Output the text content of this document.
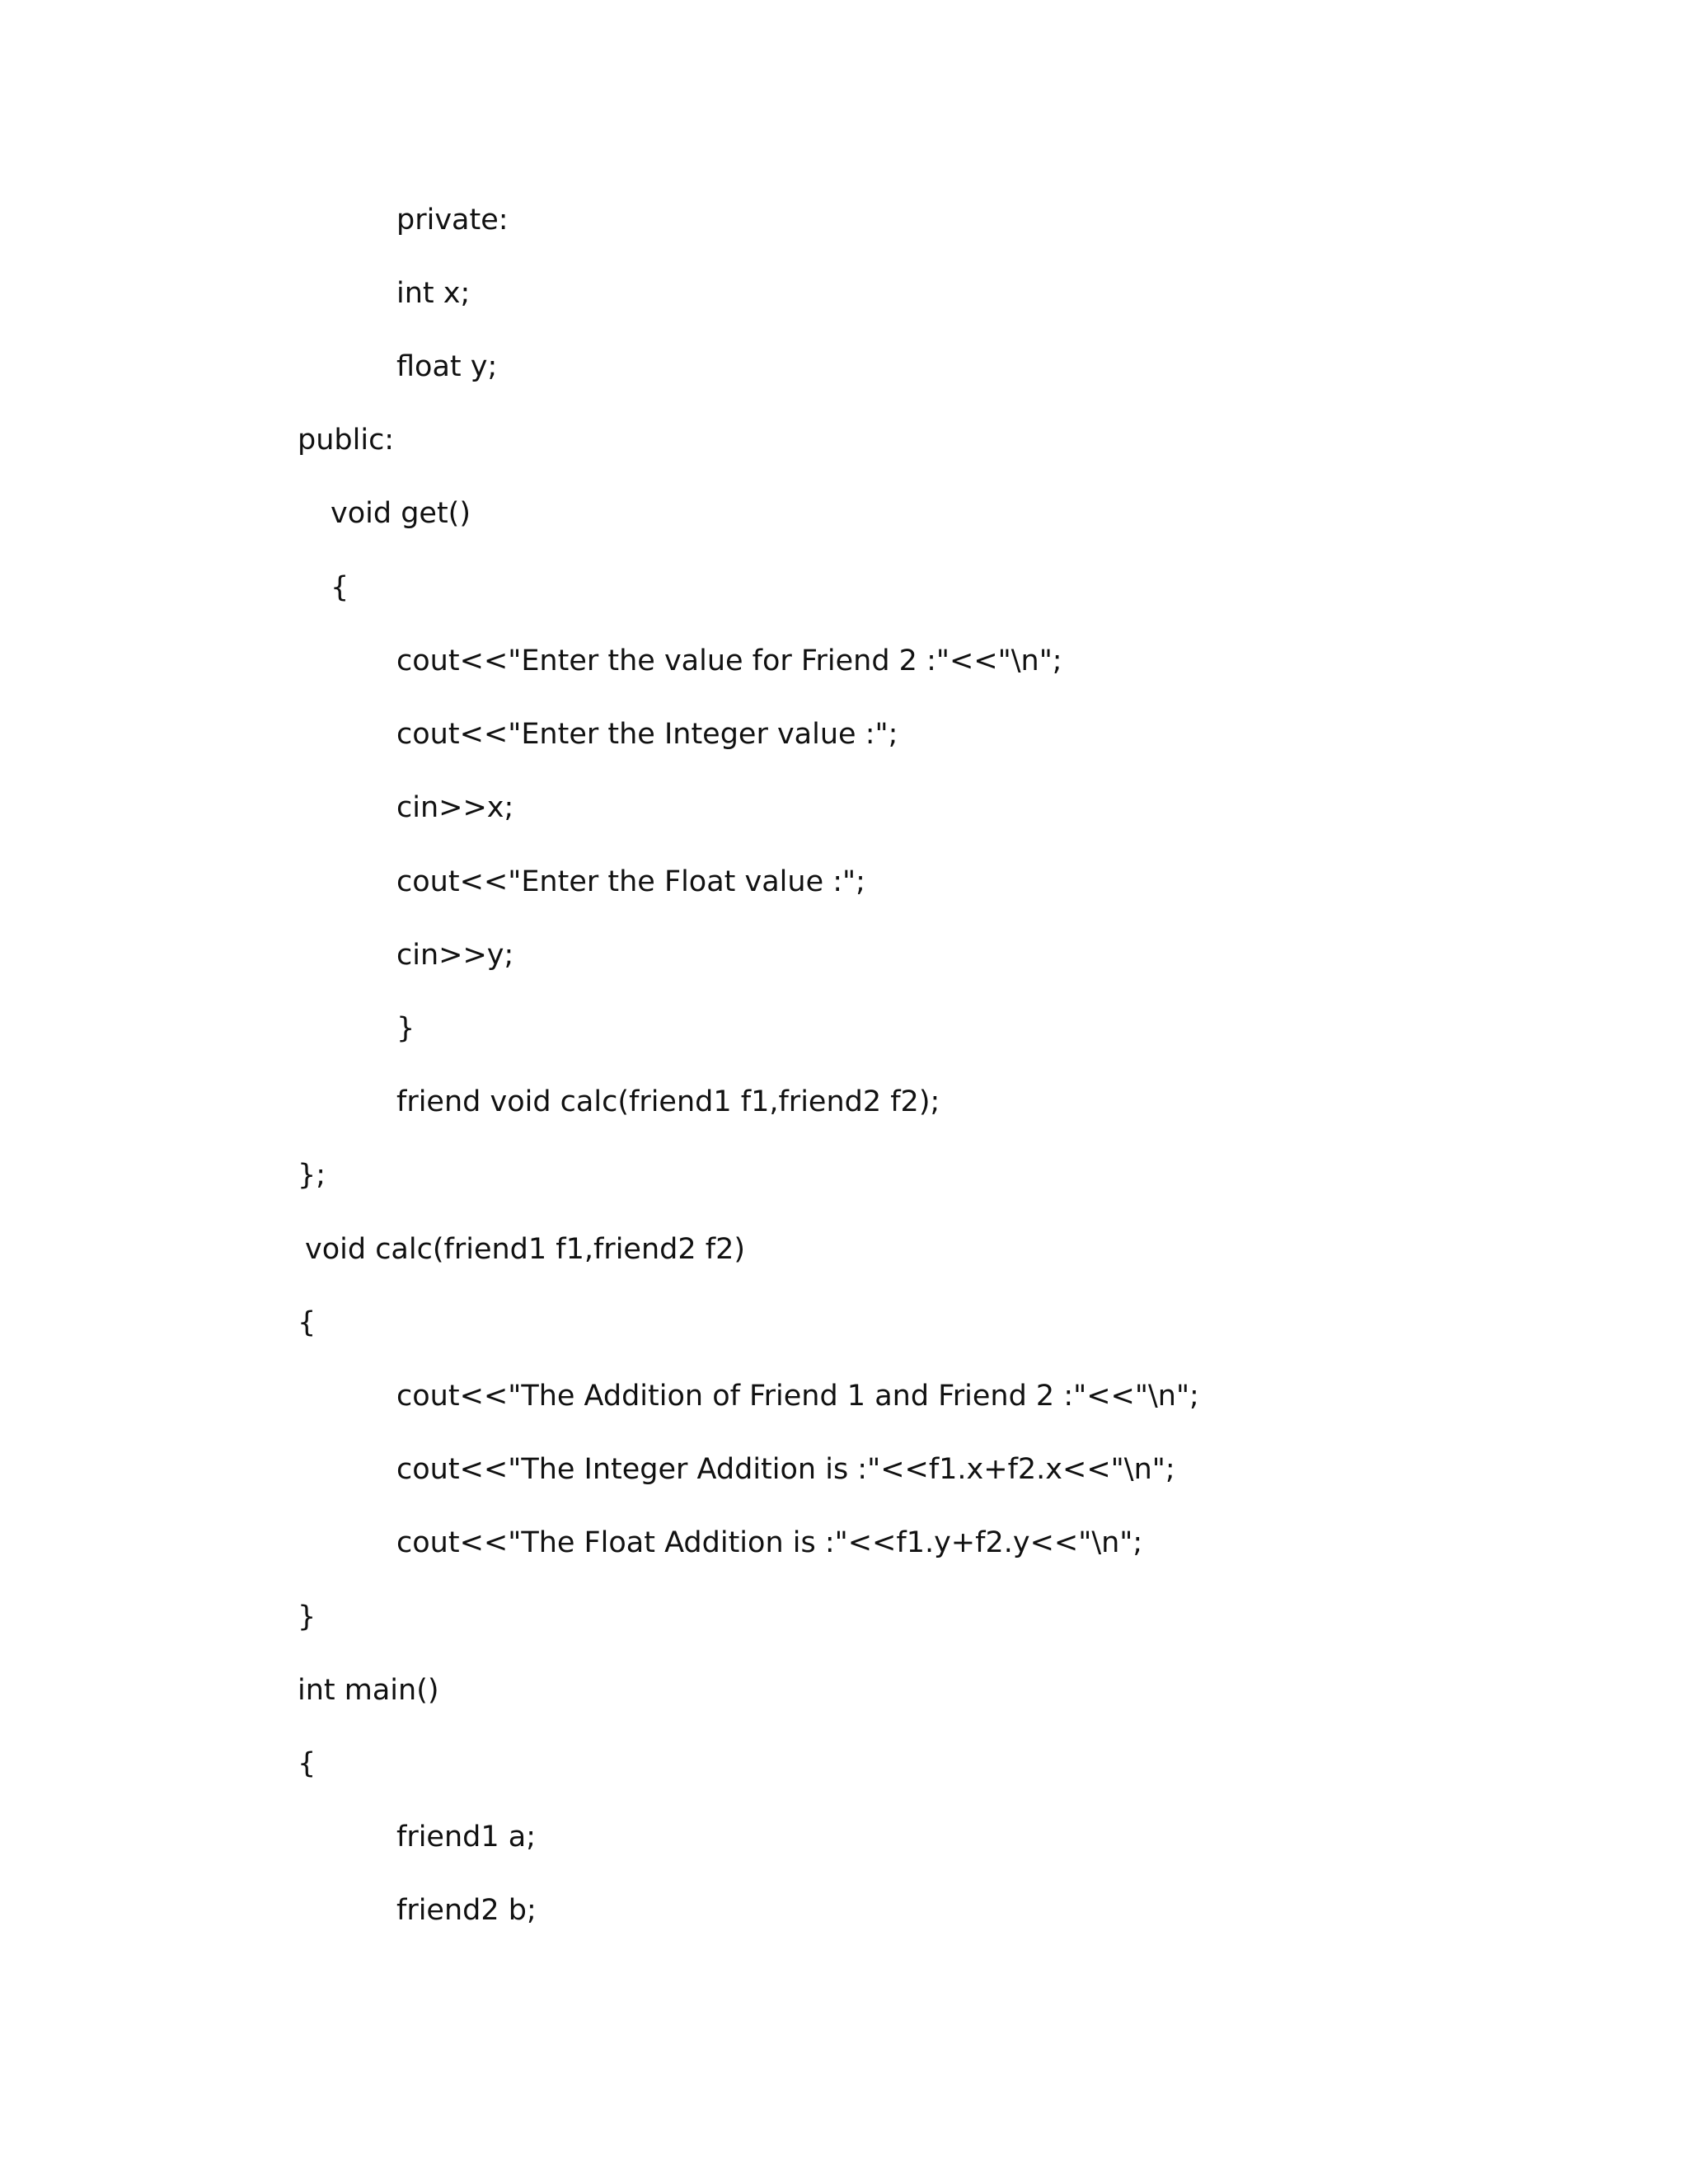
private:

int x;

float y;

public:

void get()

{

cout<<"Enter the value for Friend 2 :"<<"\n";

cout<<"Enter the Integer value :";

cin>>x;

cout<<"Enter the Float value :";

cin>>y;

}

friend void calc(friend1 f1,friend2 f2);

};

void calc(friend1 f1,friend2 f2)

{

cout<<"The Addition of Friend 1 and Friend 2 :"<<"\n";

cout<<"The Integer Addition is :"<<f1.x+f2.x<<"\n";

cout<<"The Float Addition is :"<<f1.y+f2.y<<"\n";

}

int main()

{

friend1 a;

friend2 b;
